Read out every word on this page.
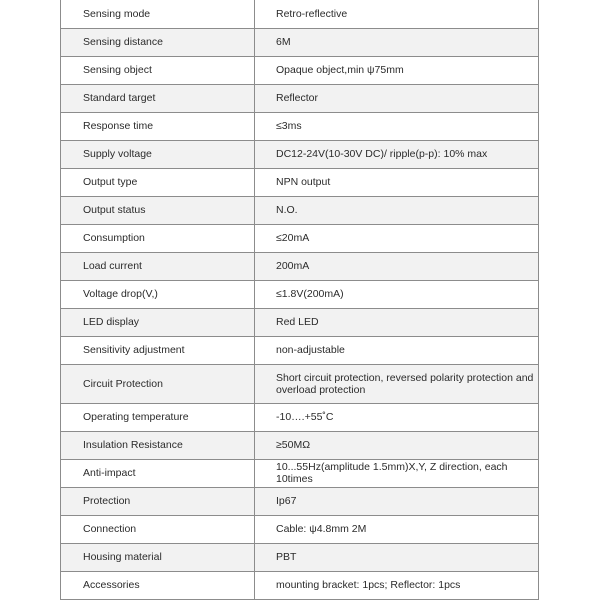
Sensing mode	Retro-reflective
Sensing distance	6M
Sensing object	Opaque object,min ψ75mm
Standard target	Reflector
Response time	≤3ms
Supply voltage	DC12-24V(10-30V DC)/ ripple(p-p): 10% max
Output type	NPN output
Output status	N.O.
Consumption	≤20mA
Load current	200mA
Voltage drop(V,)	≤1.8V(200mA)
LED display	Red LED
Sensitivity adjustment	non-adjustable
Circuit Protection	Short circuit protection, reversed polarity protection and overload protection
Operating temperature	-10….+55˚C
Insulation Resistance	≥50MΩ
Anti-impact	10...55Hz(amplitude 1.5mm)X,Y, Z direction, each 10times
Protection	Ip67
Connection	Cable: ψ4.8mm 2M
Housing material	PBT
Accessories	mounting bracket: 1pcs; Reflector: 1pcs
